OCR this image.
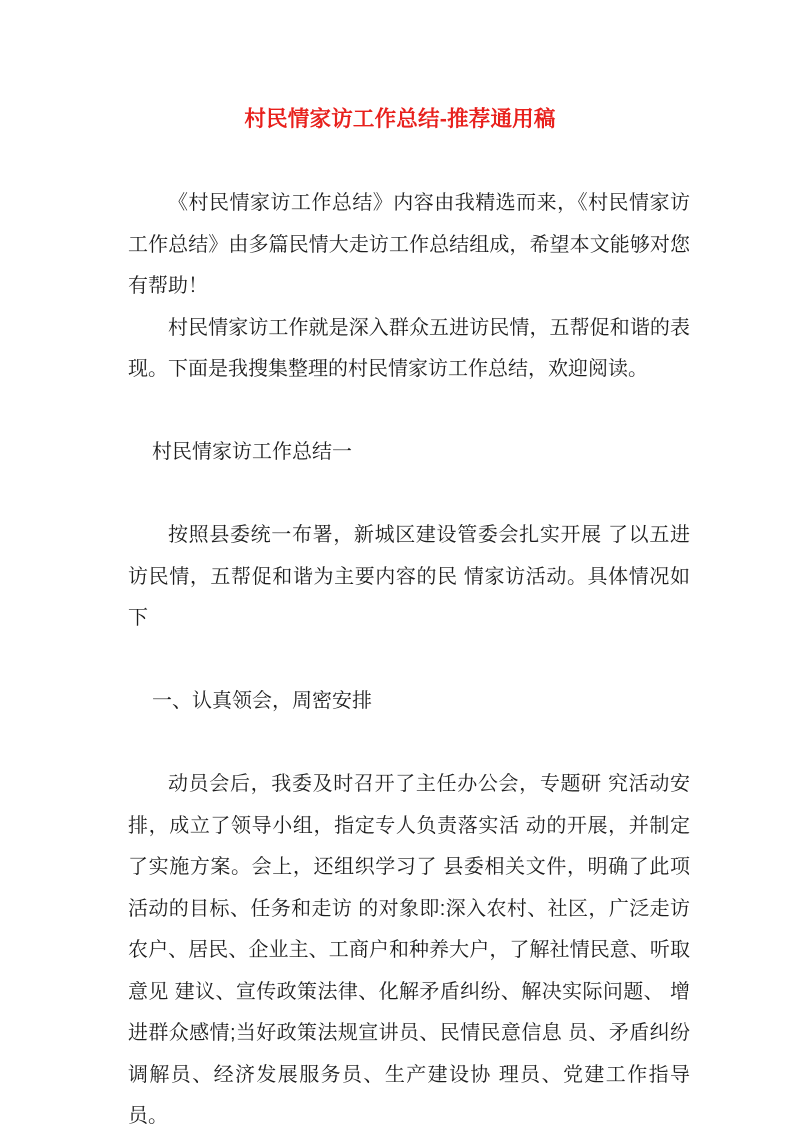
村民情家访工作总结-推荐通用稿

《村民情家访工作总结》内容由我精选而来，《村民情家访工作总结》由多篇民情大走访工作总结组成，希望本文能够对您有帮助！

村民情家访工作就是深入群众五进访民情，五帮促和谐的表现。下面是我搜集整理的村民情家访工作总结，欢迎阅读。

村民情家访工作总结一

按照县委统一布署，新城区建设管委会扎实开展 了以五进访民情，五帮促和谐为主要内容的民 情家访活动。具体情况如下

一、认真领会，周密安排

动员会后，我委及时召开了主任办公会，专题研 究活动安排，成立了领导小组，指定专人负责落实活 动的开展，并制定了实施方案。会上，还组织学习了 县委相关文件，明确了此项活动的目标、任务和走访 的对象即:深入农村、社区，广泛走访农户、居民、企业主、工商户和种养大户，了解社情民意、听取意见 建议、宣传政策法律、化解矛盾纠纷、解决实际问题、 增进群众感情;当好政策法规宣讲员、民情民意信息 员、矛盾纠纷调解员、经济发展服务员、生产建设协 理员、党建工作指导员。
